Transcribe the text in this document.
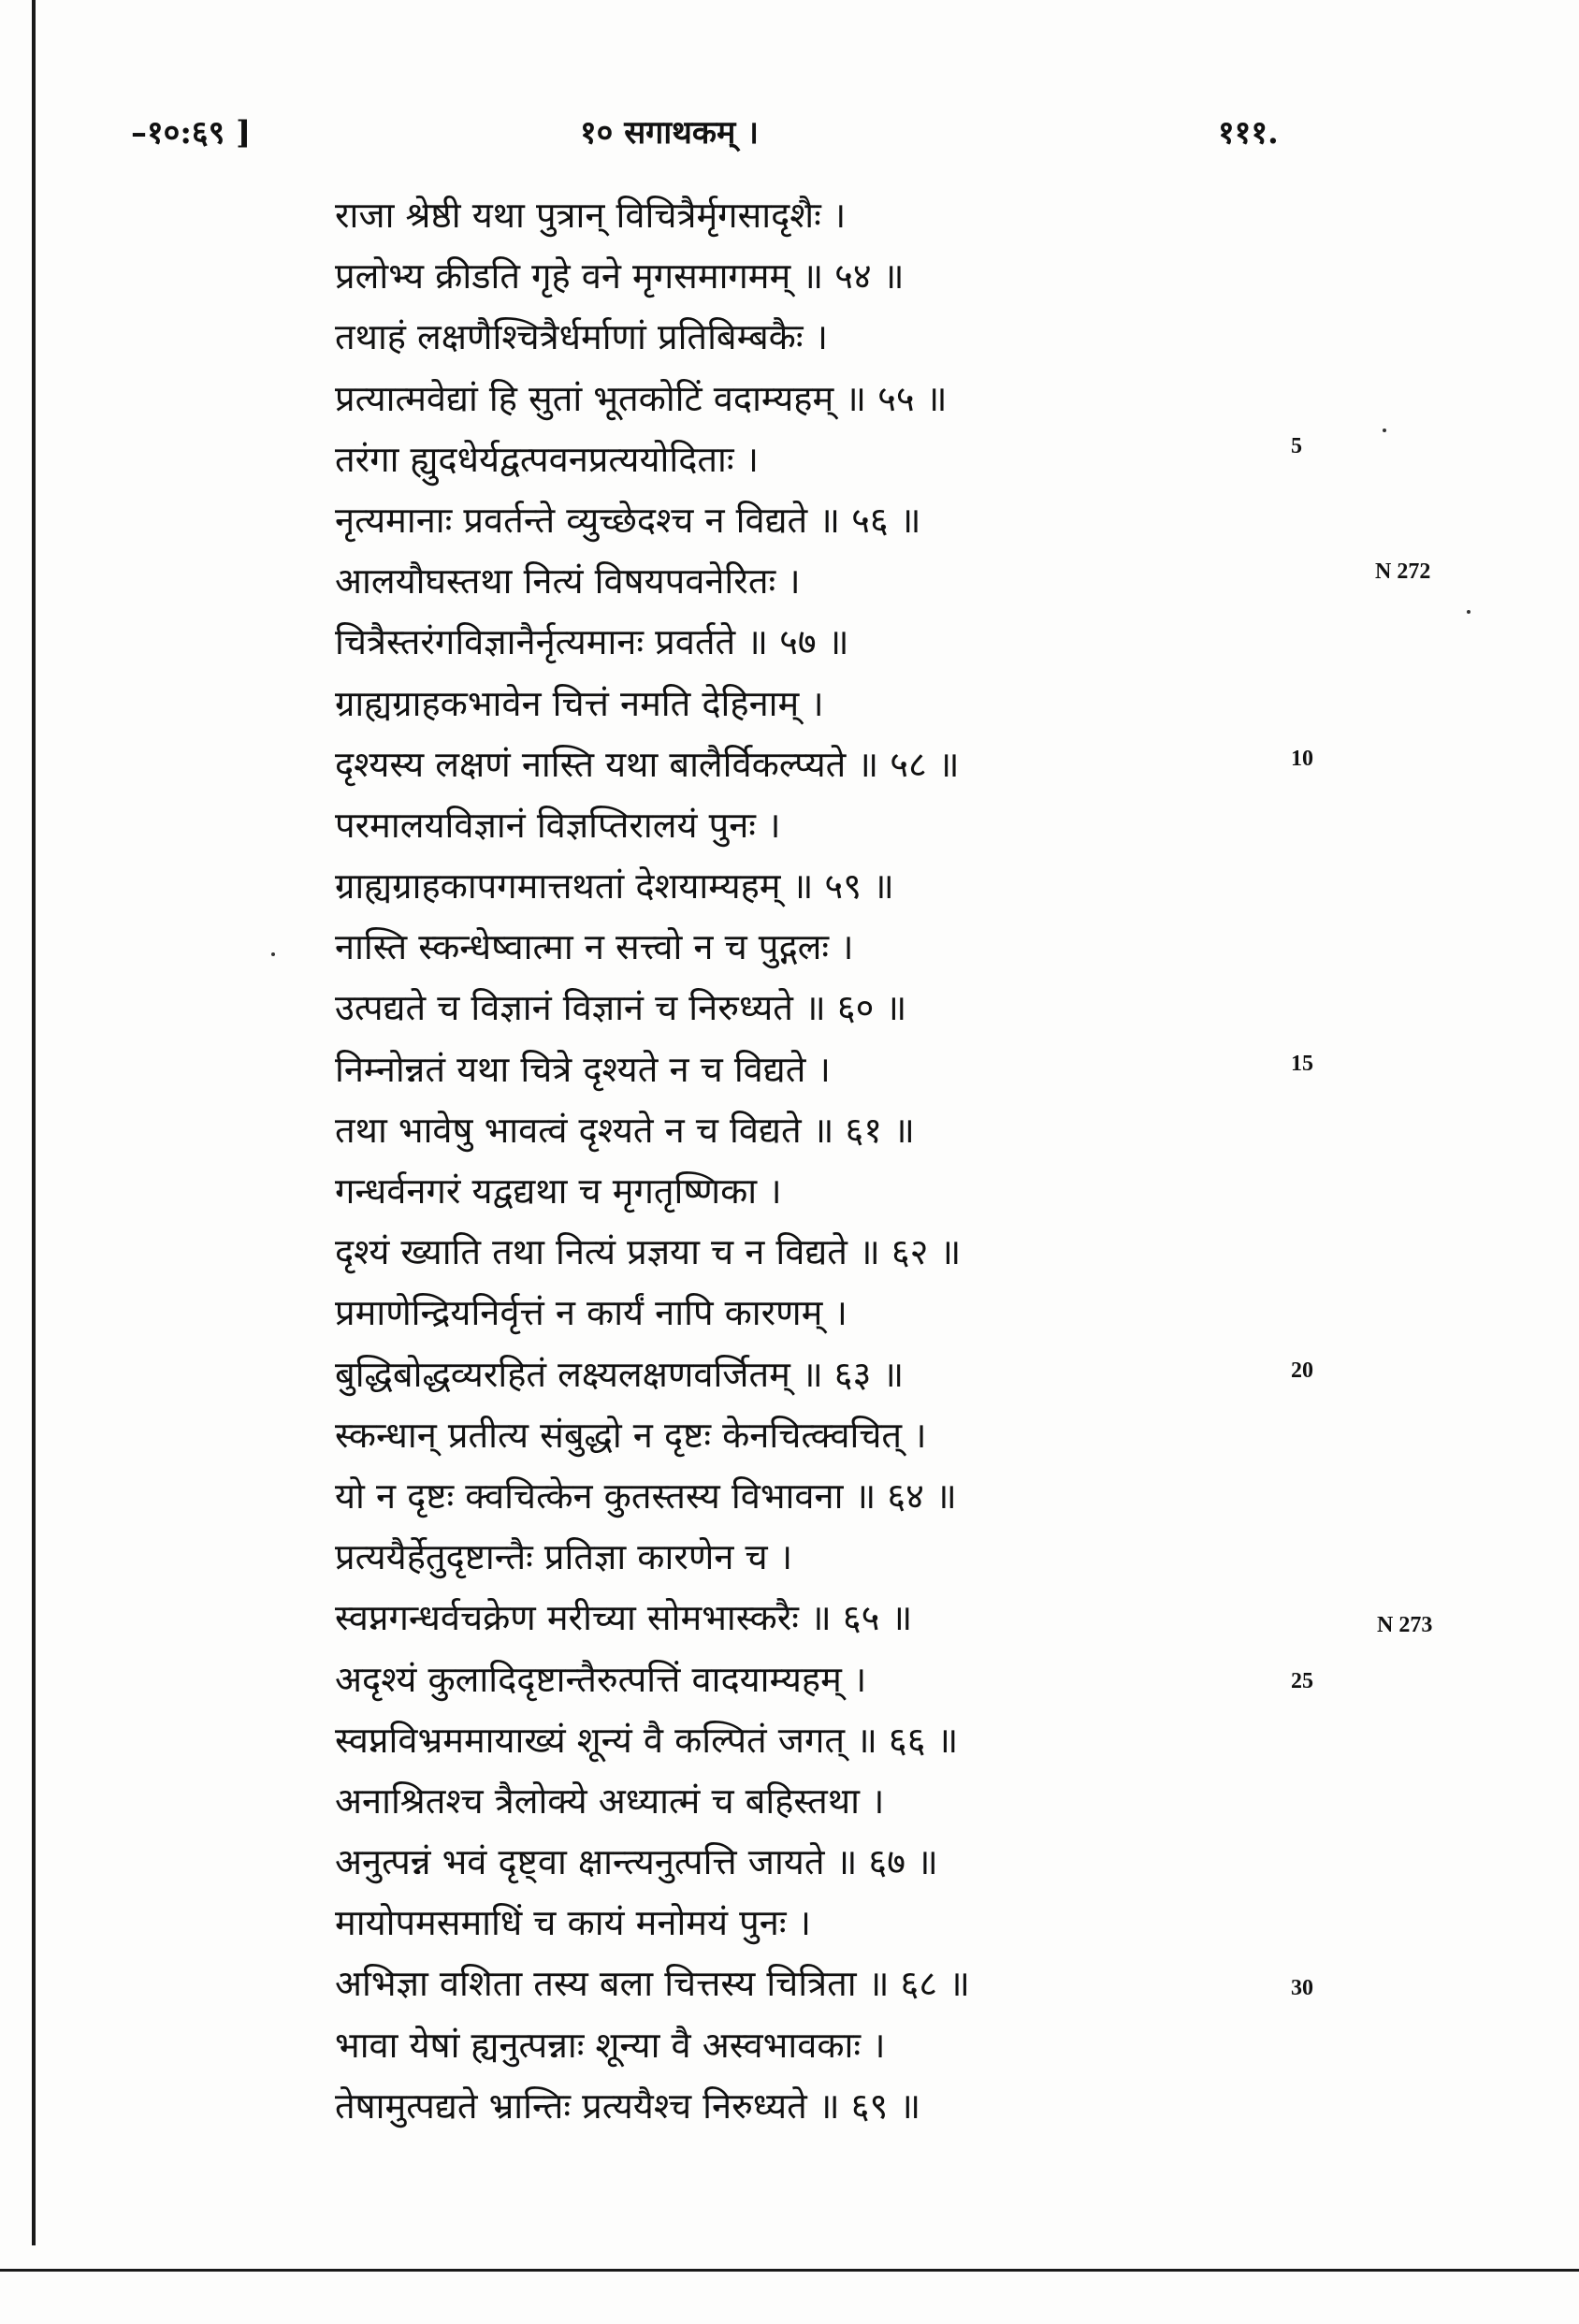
–१०:६९ ]	१० सगाथकम् ।	१११.
राजा श्रेष्ठी यथा पुत्रान् विचित्रैर्मृगसादृशैः ।
प्रलोभ्य क्रीडति गृहे वने मृगसमागमम् ॥ ५४ ॥
तथाहं लक्षणैश्चित्रैर्धर्माणां प्रतिबिम्बकैः ।
प्रत्यात्मवेद्यां हि सुतां भूतकोटिं वदाम्यहम् ॥ ५५ ॥
तरंगा ह्युदधेर्यद्वत्पवनप्रत्ययोदिताः ।
नृत्यमानाः प्रवर्तन्ते व्युच्छेदश्च न विद्यते ॥ ५६ ॥
आलयौघस्तथा नित्यं विषयपवनेरितः ।
चित्रैस्तरंगविज्ञानैर्नृत्यमानः प्रवर्तते ॥ ५७ ॥
ग्राह्यग्राहकभावेन चित्तं नमति देहिनाम् ।
दृश्यस्य लक्षणं नास्ति यथा बालैर्विकल्प्यते ॥ ५८ ॥
परमालयविज्ञानं विज्ञप्तिरालयं पुनः ।
ग्राह्यग्राहकापगमात्तथतां देशयाम्यहम् ॥ ५९ ॥
नास्ति स्कन्धेष्वात्मा न सत्त्वो न च पुद्गलः ।
उत्पद्यते च विज्ञानं विज्ञानं च निरुध्यते ॥ ६० ॥
निम्नोन्नतं यथा चित्रे दृश्यते न च विद्यते ।
तथा भावेषु भावत्वं दृश्यते न च विद्यते ॥ ६१ ॥
गन्धर्वनगरं यद्वद्यथा च मृगतृष्णिका ।
दृश्यं ख्याति तथा नित्यं प्रज्ञया च न विद्यते ॥ ६२ ॥
प्रमाणेन्द्रियनिर्वृत्तं न कार्यं नापि कारणम् ।
बुद्धिबोद्धव्यरहितं लक्ष्यलक्षणवर्जितम् ॥ ६३ ॥
स्कन्धान् प्रतीत्य संबुद्धो न दृष्टः केनचित्क्वचित् ।
यो न दृष्टः क्वचित्केन कुतस्तस्य विभावना ॥ ६४ ॥
प्रत्ययैर्हेतुदृष्टान्तैः प्रतिज्ञा कारणेन च ।
स्वप्नगन्धर्वचक्रेण मरीच्या सोमभास्करैः ॥ ६५ ॥
अदृश्यं कुलादिदृष्टान्तैरुत्पत्तिं वादयाम्यहम् ।
स्वप्नविभ्रममायाख्यं शून्यं वै कल्पितं जगत् ॥ ६६ ॥
अनाश्रितश्च त्रैलोक्ये अध्यात्मं च बहिस्तथा ।
अनुत्पन्नं भवं दृष्ट्वा क्षान्त्यनुत्पत्ति जायते ॥ ६७ ॥
मायोपमसमाधिं च कायं मनोमयं पुनः ।
अभिज्ञा वशिता तस्य बला चित्तस्य चित्रिता ॥ ६८ ॥
भावा येषां ह्यनुत्पन्नाः शून्या वै अस्वभावकाः ।
तेषामुत्पद्यते भ्रान्तिः प्रत्ययैश्च निरुध्यते ॥ ६९ ॥
5
10
15
20
25
30
N 272
N 273
